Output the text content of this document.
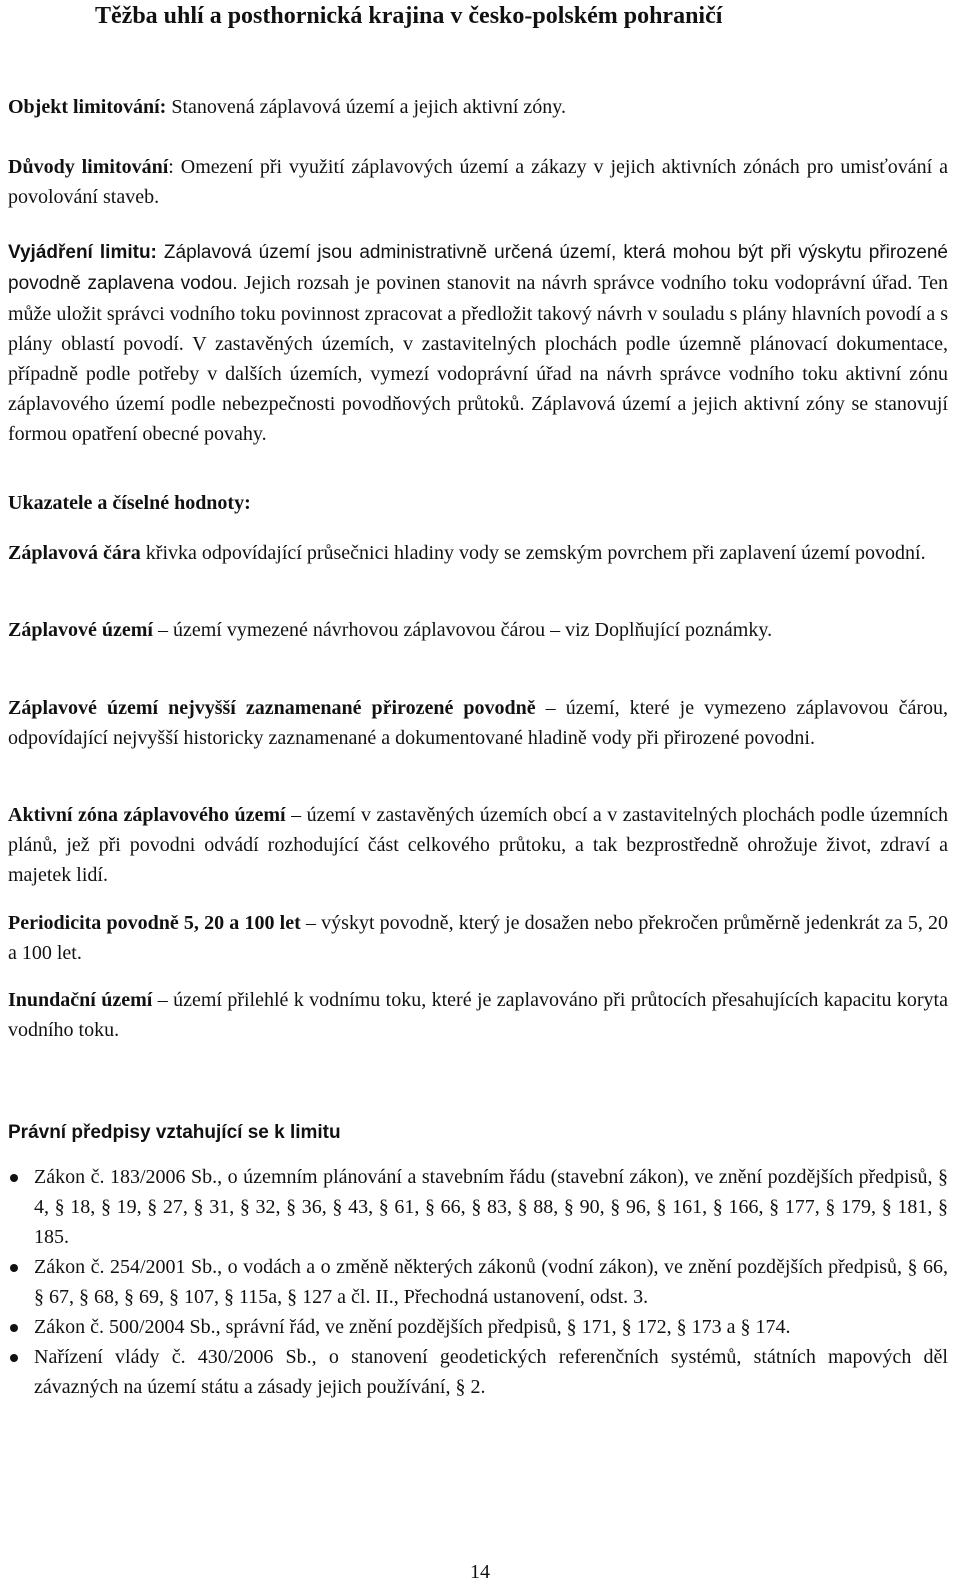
Těžba uhlí a posthornická krajina v česko-polském pohraničí

Objekt limitování: Stanovená záplavová území a jejich aktivní zóny.

Důvody limitování: Omezení při využití záplavových území a zákazy v jejich aktivních zónách pro umisťování a povolování staveb.

Vyjádření limitu: Záplavová území jsou administrativně určená území, která mohou být při výskytu přirozené povodně zaplavena vodou. Jejich rozsah je povinen stanovit na návrh správce vodního toku vodoprávní úřad. Ten může uložit správci vodního toku povinnost zpracovat a předložit takový návrh v souladu s plány hlavních povodí a s plány oblastí povodí. V zastavěných územích, v zastavitelných plochách podle územně plánovací dokumentace, případně podle potřeby v dalších územích, vymezí vodoprávní úřad na návrh správce vodního toku aktivní zónu záplavového území podle nebezpečnosti povodňových průtoků. Záplavová území a jejich aktivní zóny se stanovují formou opatření obecné povahy.

Ukazatele a číselné hodnoty:

Záplavová čára křivka odpovídající průsečnici hladiny vody se zemským povrchem při zaplavení území povodní.

Záplavové území – území vymezené návrhovou záplavovou čárou – viz Doplňující poznámky.

Záplavové území nejvyšší zaznamenané přirozené povodně – území, které je vymezeno záplavovou čárou, odpovídající nejvyšší historicky zaznamenané a dokumentované hladině vody při přirozené povodni.

Aktivní zóna záplavového území – území v zastavěných územích obcí a v zastavitelných plochách podle územních plánů, jež při povodni odvádí rozhodující část celkového průtoku, a tak bezprostředně ohrožuje život, zdraví a majetek lidí.

Periodicita povodně 5, 20 a 100 let – výskyt povodně, který je dosažen nebo překročen průměrně jedenkrát za 5, 20 a 100 let.

Inundační území – území přilehlé k vodnímu toku, které je zaplavováno při průtocích přesahujících kapacitu koryta vodního toku.

Právní předpisy vztahující se k limitu
Zákon č. 183/2006 Sb., o územním plánování a stavebním řádu (stavební zákon), ve znění pozdějších předpisů, § 4, § 18, § 19, § 27, § 31, § 32, § 36, § 43, § 61, § 66, § 83, § 88, § 90, § 96, § 161, § 166, § 177, § 179, § 181, § 185.
Zákon č. 254/2001 Sb., o vodách a o změně některých zákonů (vodní zákon), ve znění pozdějších předpisů, § 66, § 67, § 68, § 69, § 107, § 115a, § 127 a čl. II., Přechodná ustanovení, odst. 3.
Zákon č. 500/2004 Sb., správní řád, ve znění pozdějších předpisů, § 171, § 172, § 173 a § 174.
Nařízení vlády č. 430/2006 Sb., o stanovení geodetických referenčních systémů, státních mapových děl závazných na území státu a zásady jejich používání, § 2.
14
